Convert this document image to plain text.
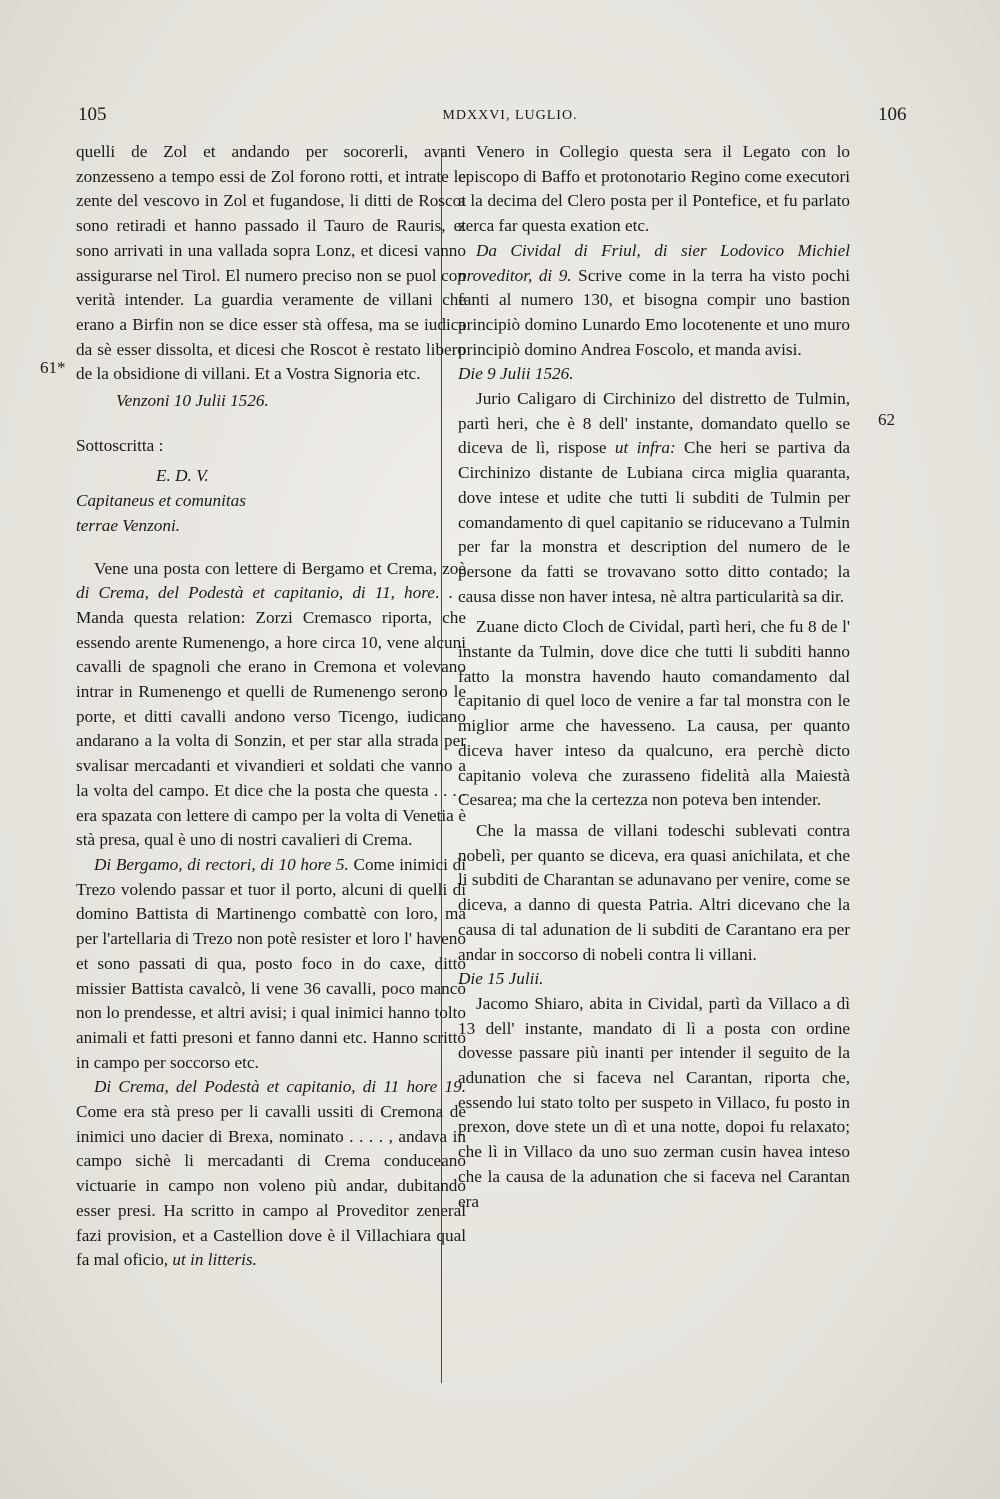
105	MDXXVI, LUGLIO.	106
61*
62

quelli de Zol et andando per socorerli, avanti zonzesseno a tempo essi de Zol forono rotti, et intrate le zente del vescovo in Zol et fugandose, li ditti de Roscot sono retiradi et hanno passado il Tauro de Rauris, et sono arrivati in una vallada sopra Lonz, et dicesi vanno assigurarse nel Tirol. El numero preciso non se puol con verità intender. La guardia veramente de villani che erano a Birfin non se dice esser stà offesa, ma se iudica da sè esser dissolta, et dicesi che Roscot è restato libero de la obsidione di villani. Et a Vostra Signoria etc.

Venzoni 10 Julii 1526.

Sottoscritta :

E. D. V.

Capitaneus et comunitas

terrae Venzoni.

Vene una posta con lettere di Bergamo et Crema, zoè di Crema, del Podestà et capitanio, di 11, hore. . . Manda questa relation: Zorzi Cremasco riporta, che essendo arente Rumenengo, a hore circa 10, vene alcuni cavalli de spagnoli che erano in Cremona et volevano intrar in Rumenengo et quelli de Rumenengo serono le porte, et ditti cavalli andono verso Ticengo, iudicano andarano a la volta di Sonzin, et per star alla strada per svalisar mercadanti et vivandieri et soldati che vanno a la volta del campo. Et dice che la posta che questa . . . . era spazata con lettere di campo per la volta di Venetia è stà presa, qual è uno di nostri cavalieri di Crema.

Di Bergamo, di rectori, di 10 hore 5. Come inimici di Trezo volendo passar et tuor il porto, alcuni di quelli di domino Battista di Martinengo combattè con loro, ma per l'artellaria di Trezo non potè resister et loro l' haveno et sono passati di qua, posto foco in do caxe, ditto missier Battista cavalcò, li vene 36 cavalli, poco mancò non lo prendesse, et altri avisi; i qual inimici hanno tolto animali et fatti presoni et fanno danni etc. Hanno scritto in campo per soccorso etc.

Di Crema, del Podestà et capitanio, di 11 hore 19. Come era stà preso per li cavalli ussiti di Cremona de inimici uno dacier di Brexa, nominato . . . . , andava in campo sichè li mercadanti di Crema conduceano victuarie in campo non voleno più andar, dubitando esser presi. Ha scritto in campo al Proveditor zeneral fazi provision, et a Castellion dove è il Villachiara qual fa mal oficio, ut in litteris.

Venero in Collegio questa sera il Legato con lo episcopo di Baffo et protonotario Regino come executori a la decima del Clero posta per il Pontefice, et fu parlato zerca far questa exation etc.

Da Cividal di Friul, di sier Lodovico Michiel proveditor, di 9. Scrive come in la terra ha visto pochi fanti al numero 130, et bisogna compir uno bastion principiò domino Lunardo Emo locotenente et uno muro principiò domino Andrea Foscolo, et manda avisi.

Die 9 Julii 1526.

Jurio Caligaro di Circhinizo del distretto de Tulmin, partì heri, che è 8 dell' instante, domandato quello se diceva de lì, rispose ut infra: Che heri se partiva da Circhinizo distante de Lubiana circa miglia quaranta, dove intese et udite che tutti li subditi de Tulmin per comandamento di quel capitanio se riducevano a Tulmin per far la monstra et description del numero de le persone da fatti se trovavano sotto ditto contado; la causa disse non haver intesa, nè altra particularità sa dir.

Zuane dicto Cloch de Cividal, partì heri, che fu 8 de l' instante da Tulmin, dove dice che tutti li subditi hanno fatto la monstra havendo hauto comandamento dal capitanio di quel loco de venire a far tal monstra con le miglior arme che havesseno. La causa, per quanto diceva haver inteso da qualcuno, era perchè dicto capitanio voleva che zurasseno fidelità alla Maiestà Cesarea; ma che la certezza non poteva ben intender.

Che la massa de villani todeschi sublevati contra nobelì, per quanto se diceva, era quasi anichilata, et che li subditi de Charantan se adunavano per venire, come se diceva, a danno di questa Patria. Altri dicevano che la causa di tal adunation de li subditi de Carantano era per andar in soccorso di nobeli contra li villani.

Die 15 Julii.

Jacomo Shiaro, abita in Cividal, partì da Villaco a dì 13 dell' instante, mandato di lì a posta con ordine dovesse passare più inanti per intender il seguito de la adunation che si faceva nel Carantan, riporta che, essendo lui stato tolto per suspeto in Villaco, fu posto in prexon, dove stete un dì et una notte, dopoi fu relaxato; che lì in Villaco da uno suo zerman cusin havea inteso che la causa de la adunation che si faceva nel Carantan era
